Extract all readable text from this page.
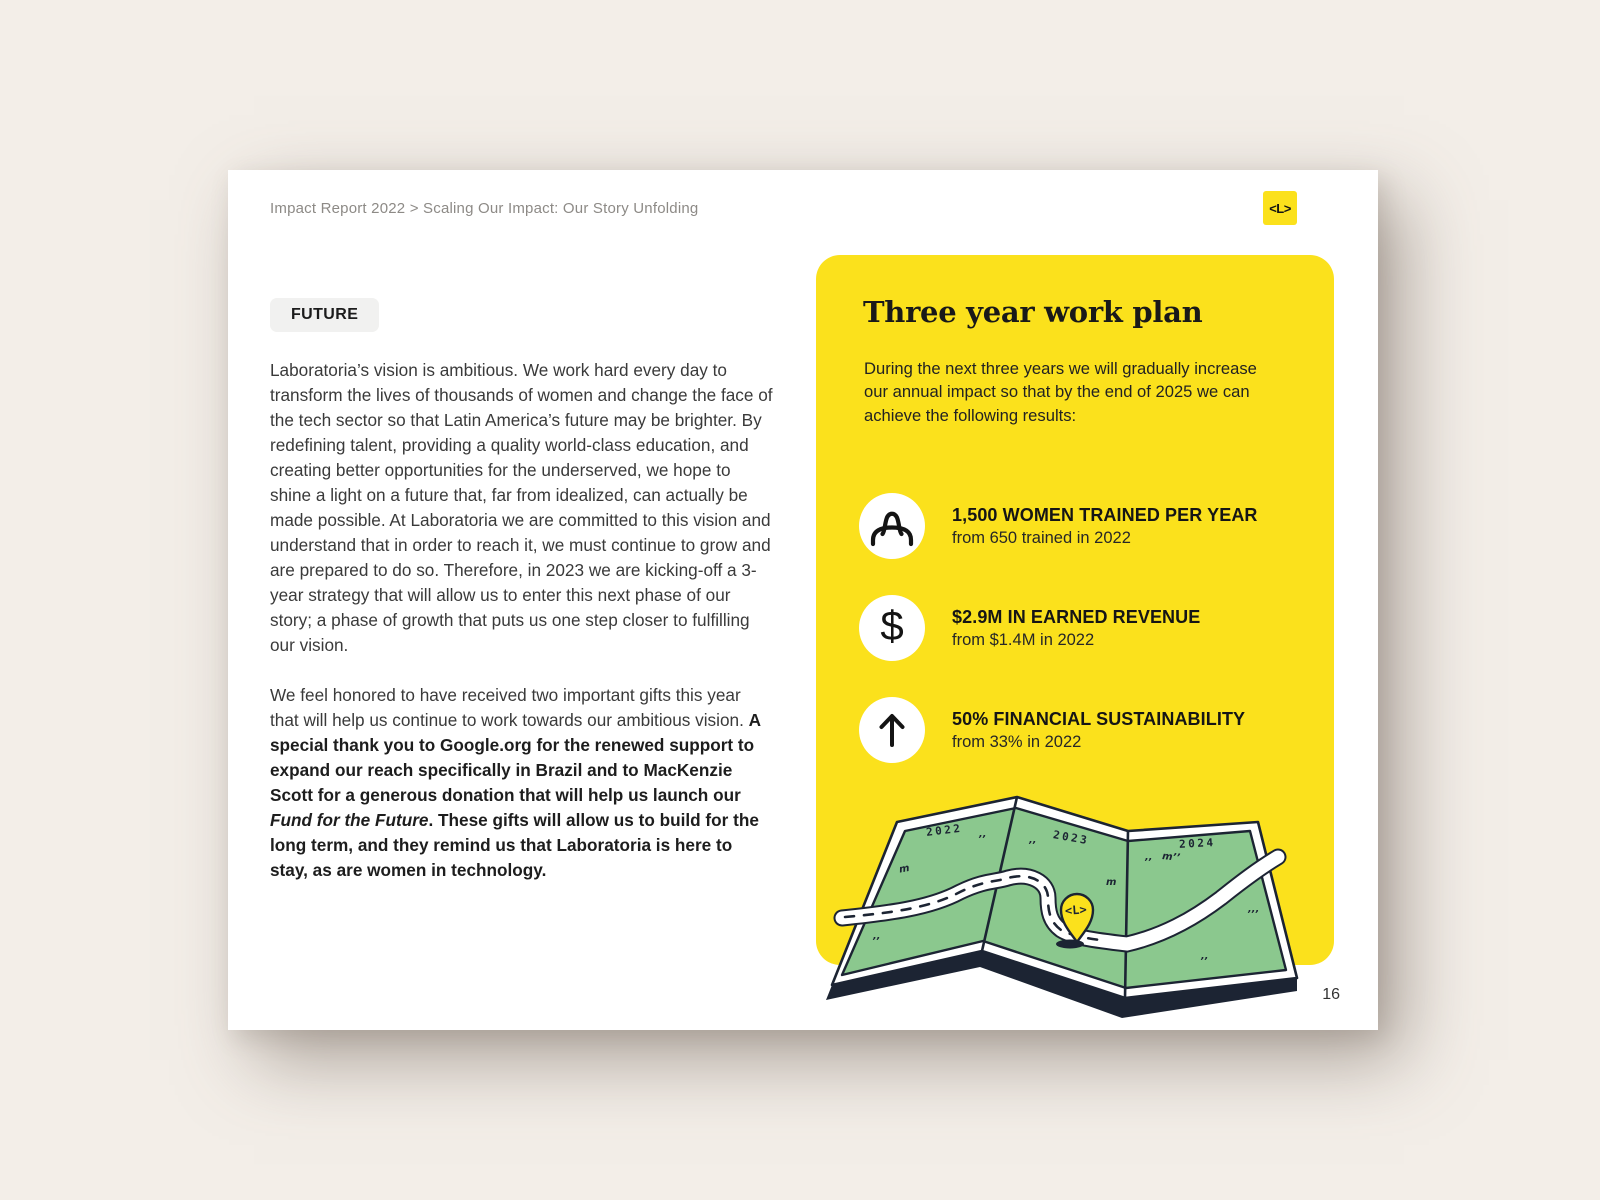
Impact Report 2022 > Scaling Our Impact: Our Story Unfolding	<L>
FUTURE

Laboratoria’s vision is ambitious. We work hard every day to transform the lives of thousands of women and change the face of the tech sector so that Latin America’s future may be brighter. By redefining talent, providing a quality world-class education, and creating better opportunities for the underserved, we hope to shine a light on a future that, far from idealized, can actually be made possible. At Laboratoria we are committed to this vision and understand that in order to reach it, we must continue to grow and are prepared to do so. Therefore, in 2023 we are kicking-off a 3-year strategy that will allow us to enter this next phase of our story; a phase of growth that puts us one step closer to fulfilling our vision.

We feel honored to have received two important gifts this year that will help us continue to work towards our ambitious vision. A special thank you to Google.org for the renewed support to expand our reach specifically in Brazil and to MacKenzie Scott for a generous donation that will help us launch our Fund for the Future. These gifts will allow us to build for the long term, and they remind us that Laboratoria is here to stay, as are women in technology.

Three year work plan
During the next three years we will gradually increase our annual impact so that by the end of 2025 we can achieve the following results:
1,500 WOMEN TRAINED PER YEAR
from 650 trained in 2022
$	$2.9M IN EARNED REVENUE
from $1.4M in 2022
50% FINANCIAL SUSTAINABILITY
from 33% in 2022
2022	2023	2024
m
m
’’
’’
’’ m’’
’’’
’’
’’
<L>
16
